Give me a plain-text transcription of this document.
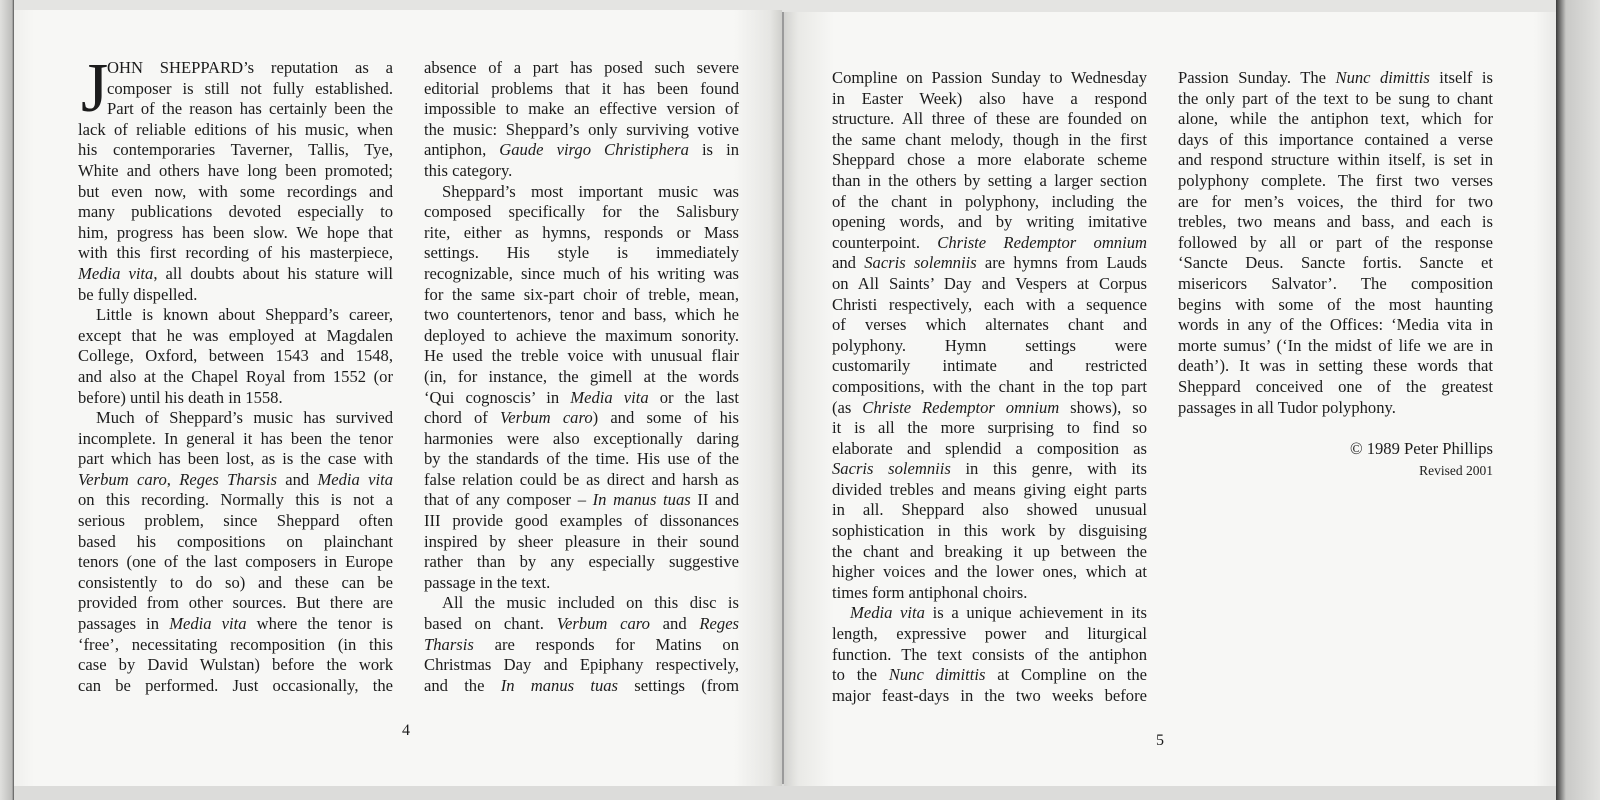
J
OHN SHEPPARD’s reputation as a
composer is still not fully established.
Part of the reason has certainly been the
lack of reliable editions of his music, when
his contemporaries Taverner, Tallis, Tye,
White and others have long been promoted;
but even now, with some recordings and
many publications devoted especially to
him, progress has been slow. We hope that
with this first recording of his masterpiece,
Media vita, all doubts about his stature will
be fully dispelled.
Little is known about Sheppard’s career,
except that he was employed at Magdalen
College, Oxford, between 1543 and 1548,
and also at the Chapel Royal from 1552 (or
before) until his death in 1558.
Much of Sheppard’s music has survived
incomplete. In general it has been the tenor
part which has been lost, as is the case with
Verbum caro, Reges Tharsis and Media vita
on this recording. Normally this is not a
serious problem, since Sheppard often
based his compositions on plainchant
tenors (one of the last composers in Europe
consistently to do so) and these can be
provided from other sources. But there are
passages in Media vita where the tenor is
‘free’, necessitating recomposition (in this
case by David Wulstan) before the work
can be performed. Just occasionally, the
absence of a part has posed such severe
editorial problems that it has been found
impossible to make an effective version of
the music: Sheppard’s only surviving votive
antiphon, Gaude virgo Christiphera is in
this category.
Sheppard’s most important music was
composed specifically for the Salisbury
rite, either as hymns, responds or Mass
settings. His style is immediately
recognizable, since much of his writing was
for the same six-part choir of treble, mean,
two countertenors, tenor and bass, which he
deployed to achieve the maximum sonority.
He used the treble voice with unusual flair
(in, for instance, the gimell at the words
‘Qui cognoscis’ in Media vita or the last
chord of Verbum caro) and some of his
harmonies were also exceptionally daring
by the standards of the time. His use of the
false relation could be as direct and harsh as
that of any composer – In manus tuas II and
III provide good examples of dissonances
inspired by sheer pleasure in their sound
rather than by any especially suggestive
passage in the text.
All the music included on this disc is
based on chant. Verbum caro and Reges
Tharsis are responds for Matins on
Christmas Day and Epiphany respectively,
and the In manus tuas settings (from
4
Compline on Passion Sunday to Wednesday
in Easter Week) also have a respond
structure. All three of these are founded on
the same chant melody, though in the first
Sheppard chose a more elaborate scheme
than in the others by setting a larger section
of the chant in polyphony, including the
opening words, and by writing imitative
counterpoint. Christe Redemptor omnium
and Sacris solemniis are hymns from Lauds
on All Saints’ Day and Vespers at Corpus
Christi respectively, each with a sequence
of verses which alternates chant and
polyphony. Hymn settings were
customarily intimate and restricted
compositions, with the chant in the top part
(as Christe Redemptor omnium shows), so
it is all the more surprising to find so
elaborate and splendid a composition as
Sacris solemniis in this genre, with its
divided trebles and means giving eight parts
in all. Sheppard also showed unusual
sophistication in this work by disguising
the chant and breaking it up between the
higher voices and the lower ones, which at
times form antiphonal choirs.
Media vita is a unique achievement in its
length, expressive power and liturgical
function. The text consists of the antiphon
to the Nunc dimittis at Compline on the
major feast-days in the two weeks before
Passion Sunday. The Nunc dimittis itself is
the only part of the text to be sung to chant
alone, while the antiphon text, which for
days of this importance contained a verse
and respond structure within itself, is set in
polyphony complete. The first two verses
are for men’s voices, the third for two
trebles, two means and bass, and each is
followed by all or part of the response
‘Sancte Deus. Sancte fortis. Sancte et
misericors Salvator’. The composition
begins with some of the most haunting
words in any of the Offices: ‘Media vita in
morte sumus’ (‘In the midst of life we are in
death’). It was in setting these words that
Sheppard conceived one of the greatest
passages in all Tudor polyphony.
© 1989 Peter Phillips
Revised 2001
5
